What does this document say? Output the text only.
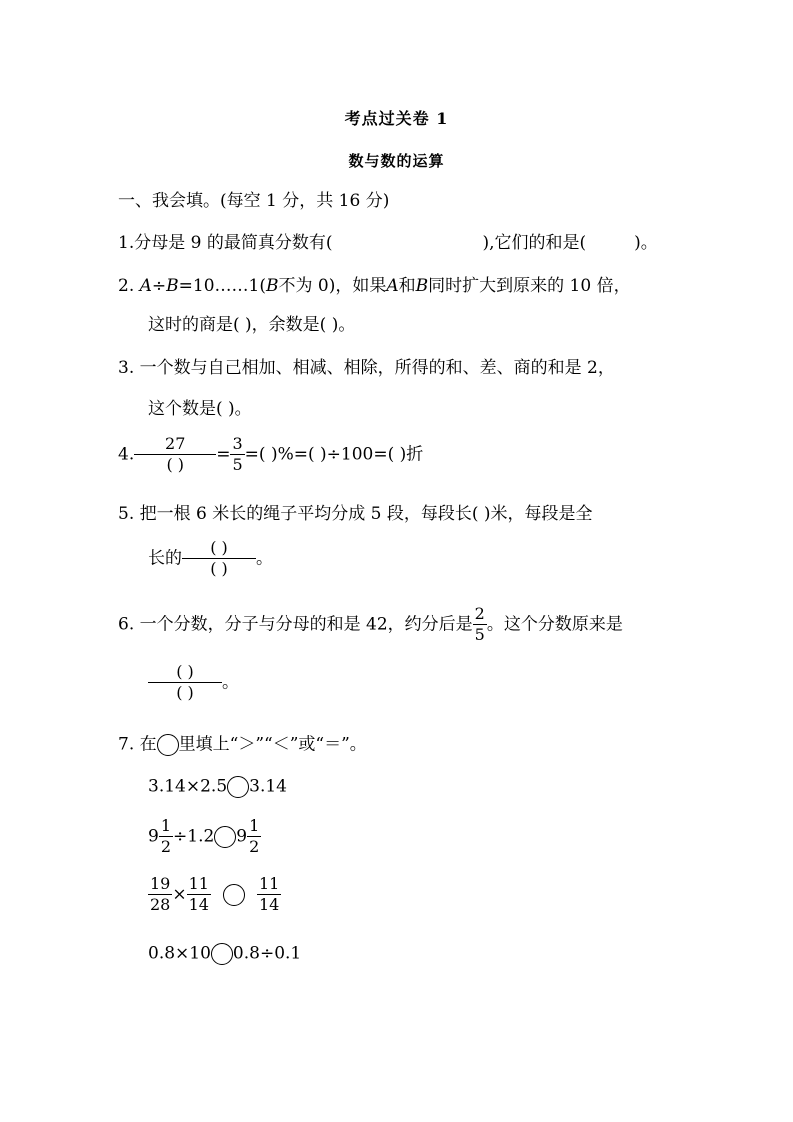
考点过关卷 1
数与数的运算
一、我会填。(每空 1 分，共 16 分)
1.分母是 9 的最简真分数有(	),它们的和是(	)。
2. A÷B=10……1(B不为 0)，如果A和B同时扩大到原来的 10 倍，
这时的商是( )，余数是( )。
3. 一个数与自己相加、相减、相除，所得的和、差、商的和是 2，
这个数是( )。
4. $\frac{27}{( )} = \frac{3}{5}$ =( )%=( )÷100=( )折
5. 把一根 6 米长的绳子平均分成 5 段，每段长( )米，每段是全
长的 $\frac{( )}{( )}$ 。
6. 一个分数，分子与分母的和是 42，约分后是 $\frac{2}{5}$ 。这个分数原来是
$\frac{( )}{( )}$ 。
7. 在 里填上“＞”“＜”或“＝”。
3.14×2.5 3.14
$9 \frac{1}{2} \div 1.2$ $9 \frac{1}{2}$
$\frac{19}{28} \times \frac{11}{14}$	$\frac{11}{14}$
0.8×10 0.8÷0.1
